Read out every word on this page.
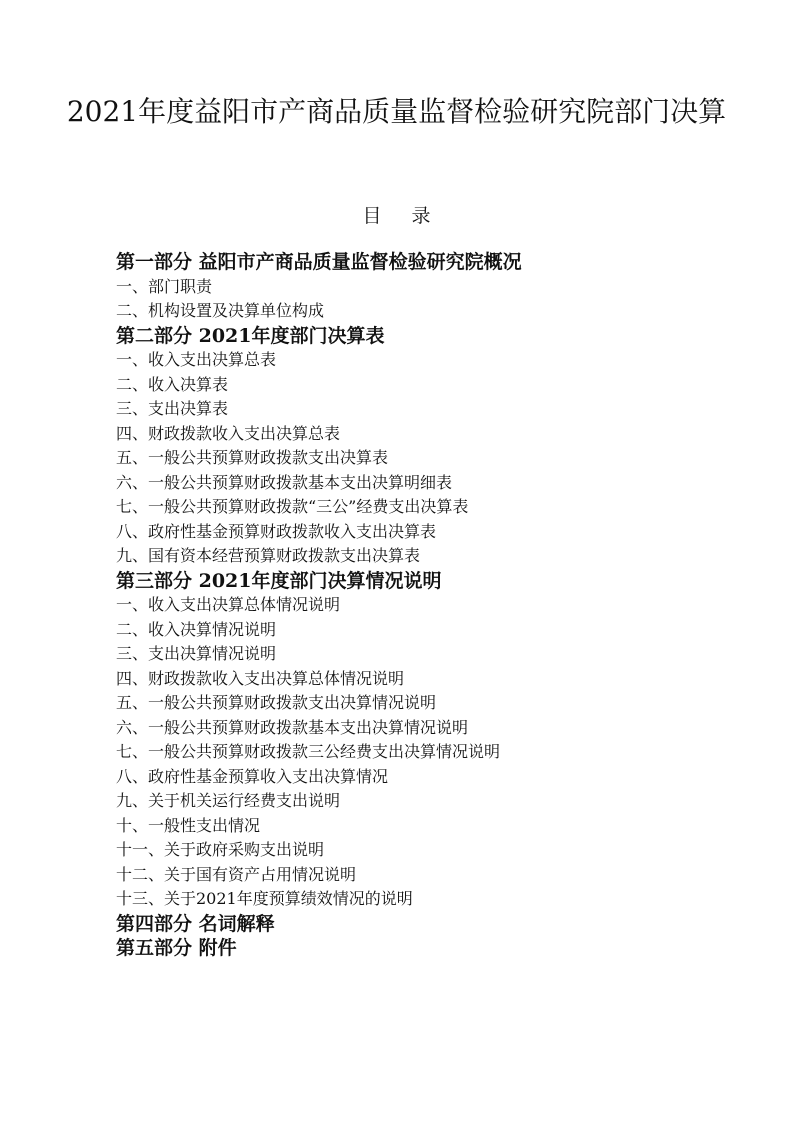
2021年度益阳市产商品质量监督检验研究院部门决算
目 录
第一部分 益阳市产商品质量监督检验研究院概况
一、部门职责
二、机构设置及决算单位构成
第二部分 2021年度部门决算表
一、收入支出决算总表
二、收入决算表
三、支出决算表
四、财政拨款收入支出决算总表
五、一般公共预算财政拨款支出决算表
六、一般公共预算财政拨款基本支出决算明细表
七、一般公共预算财政拨款“三公”经费支出决算表
八、政府性基金预算财政拨款收入支出决算表
九、国有资本经营预算财政拨款支出决算表
第三部分 2021年度部门决算情况说明
一、收入支出决算总体情况说明
二、收入决算情况说明
三、支出决算情况说明
四、财政拨款收入支出决算总体情况说明
五、一般公共预算财政拨款支出决算情况说明
六、一般公共预算财政拨款基本支出决算情况说明
七、一般公共预算财政拨款三公经费支出决算情况说明
八、政府性基金预算收入支出决算情况
九、关于机关运行经费支出说明
十、一般性支出情况
十一、关于政府采购支出说明
十二、关于国有资产占用情况说明
十三、关于2021年度预算绩效情况的说明
第四部分 名词解释
第五部分 附件
